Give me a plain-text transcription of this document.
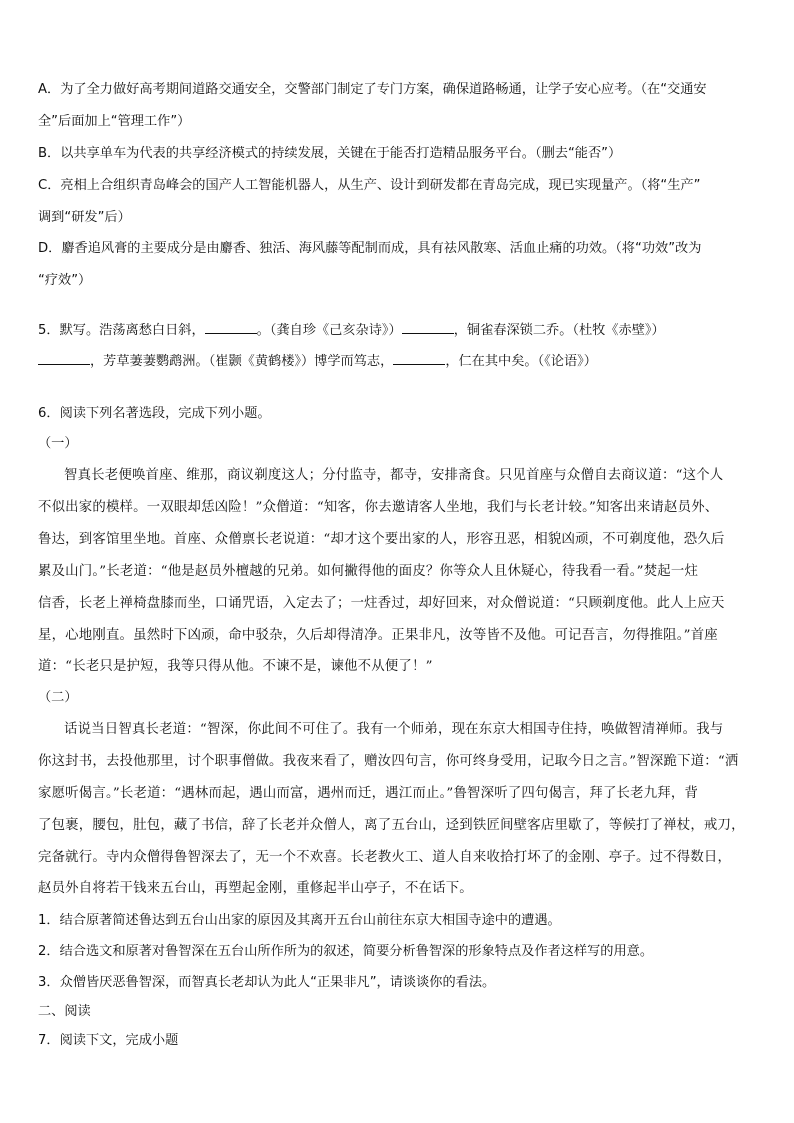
A．为了全力做好高考期间道路交通安全，交警部门制定了专门方案，确保道路畅通，让学子安心应考。（在“交通安
全”后面加上“管理工作”）
B．以共享单车为代表的共享经济模式的持续发展，关键在于能否打造精品服务平台。（删去“能否”）
C．亮相上合组织青岛峰会的国产人工智能机器人，从生产、设计到研发都在青岛完成，现已实现量产。（将“生产”
调到“研发”后）
D．麝香追风膏的主要成分是由麝香、独活、海风藤等配制而成，具有祛风散寒、活血止痛的功效。（将“功效”改为
“疗效”）
5．默写。浩荡离愁白日斜，	。（龚自珍《己亥杂诗》）	，铜雀春深锁二乔。（杜牧《赤壁》）
，芳草萋萋鹦鹉洲。（崔颢《黄鹤楼》）博学而笃志，	，仁在其中矣。（《论语》）
6．阅读下列名著选段，完成下列小题。
（一）
智真长老便唤首座、维那，商议剃度这人；分付监寺，都寺，安排斋食。只见首座与众僧自去商议道：“这个人
不似出家的模样。一双眼却恁凶险！”众僧道：“知客，你去邀请客人坐地，我们与长老计较。”知客出来请赵员外、
鲁达，到客馆里坐地。首座、众僧禀长老说道：“却才这个要出家的人，形容丑恶，相貌凶顽，不可剃度他，恐久后
累及山门。”长老道：“他是赵员外檀越的兄弟。如何撇得他的面皮？你等众人且休疑心，待我看一看。”焚起一炷
信香，长老上禅椅盘膝而坐，口诵咒语，入定去了；一炷香过，却好回来，对众僧说道：“只顾剃度他。此人上应天
星，心地刚直。虽然时下凶顽，命中驳杂，久后却得清净。正果非凡，汝等皆不及他。可记吾言，勿得推阻。”首座
道：“长老只是护短，我等只得从他。不谏不是，谏他不从便了！”
（二）
话说当日智真长老道：“智深，你此间不可住了。我有一个师弟，现在东京大相国寺住持，唤做智清禅师。我与
你这封书，去投他那里，讨个职事僧做。我夜来看了，赠汝四句言，你可终身受用，记取今日之言。”智深跪下道：“洒
家愿听偈言。”长老道：“遇林而起，遇山而富，遇州而迁，遇江而止。”鲁智深听了四句偈言，拜了长老九拜，背
了包裹，腰包，肚包，藏了书信，辞了长老并众僧人，离了五台山，迳到铁匠间壁客店里歇了，等候打了禅杖，戒刀，
完备就行。寺内众僧得鲁智深去了，无一个不欢喜。长老教火工、道人自来收拾打坏了的金刚、亭子。过不得数日，
赵员外自将若干钱来五台山，再塑起金刚，重修起半山亭子，不在话下。
1．结合原著简述鲁达到五台山出家的原因及其离开五台山前往东京大相国寺途中的遭遇。
2．结合选文和原著对鲁智深在五台山所作所为的叙述，简要分析鲁智深的形象特点及作者这样写的用意。
3．众僧皆厌恶鲁智深，而智真长老却认为此人“正果非凡”，请谈谈你的看法。
二、阅读
7．阅读下文，完成小题
